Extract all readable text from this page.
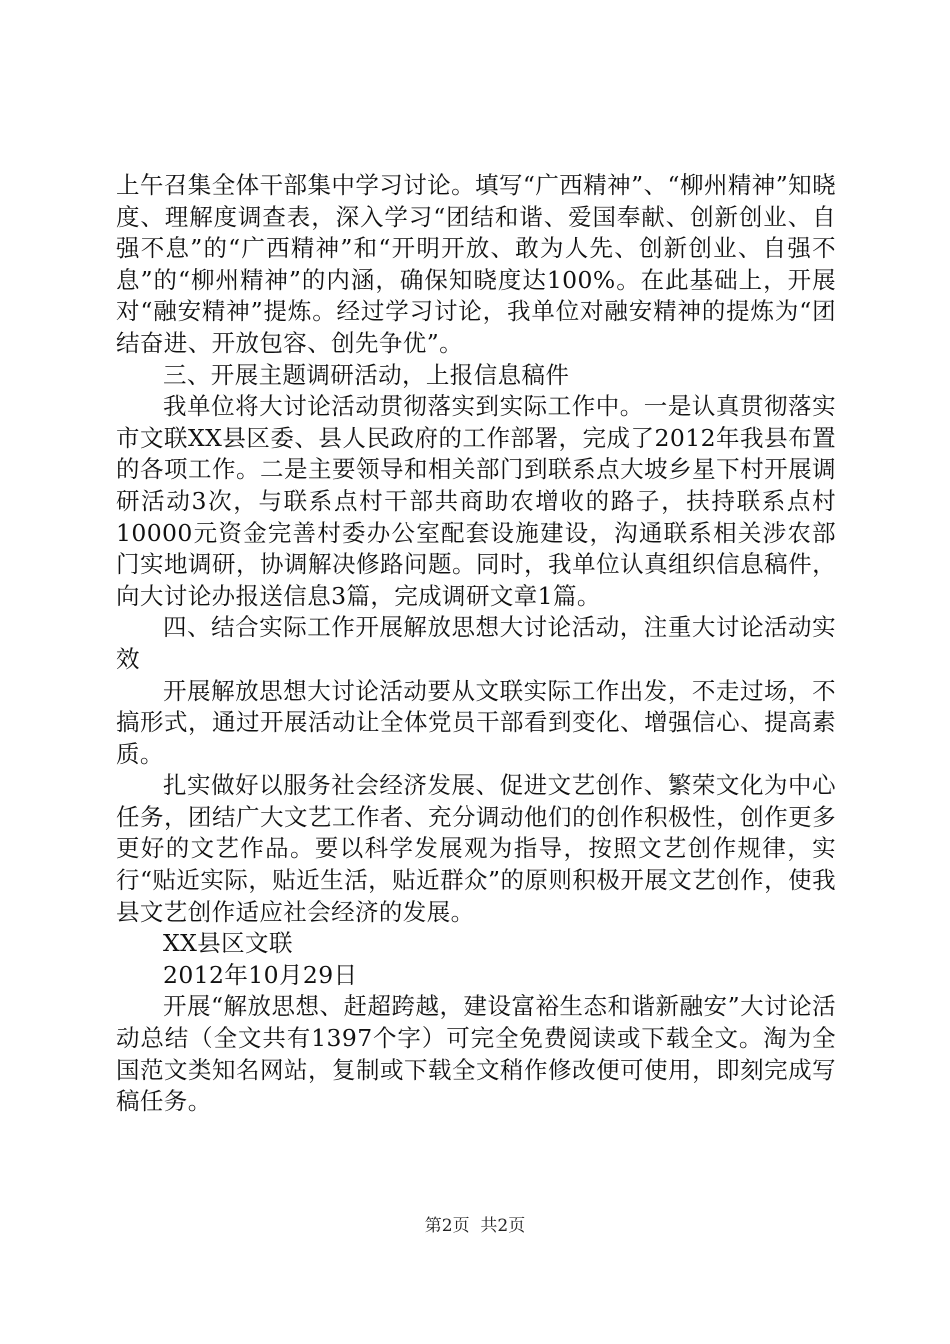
上午召集全体干部集中学习讨论。填写“广西精神”、“柳州精神”知晓度、理解度调查表，深入学习“团结和谐、爱国奉献、创新创业、自强不息”的“广西精神”和“开明开放、敢为人先、创新创业、自强不息”的“柳州精神”的内涵，确保知晓度达100%。在此基础上，开展对“融安精神”提炼。经过学习讨论，我单位对融安精神的提炼为“团结奋进、开放包容、创先争优”。

三、开展主题调研活动，上报信息稿件

我单位将大讨论活动贯彻落实到实际工作中。一是认真贯彻落实市文联XX县区委、县人民政府的工作部署，完成了2012年我县布置的各项工作。二是主要领导和相关部门到联系点大坡乡星下村开展调研活动3次，与联系点村干部共商助农增收的路子，扶持联系点村10000元资金完善村委办公室配套设施建设，沟通联系相关涉农部门实地调研，协调解决修路问题。同时，我单位认真组织信息稿件，向大讨论办报送信息3篇，完成调研文章1篇。

四、结合实际工作开展解放思想大讨论活动，注重大讨论活动实效

开展解放思想大讨论活动要从文联实际工作出发，不走过场，不搞形式，通过开展活动让全体党员干部看到变化、增强信心、提高素质。

扎实做好以服务社会经济发展、促进文艺创作、繁荣文化为中心任务，团结广大文艺工作者、充分调动他们的创作积极性，创作更多更好的文艺作品。要以科学发展观为指导，按照文艺创作规律，实行“贴近实际，贴近生活，贴近群众”的原则积极开展文艺创作，使我县文艺创作适应社会经济的发展。

XX县区文联

2012年10月29日

开展“解放思想、赶超跨越，建设富裕生态和谐新融安”大讨论活动总结（全文共有1397个字）可完全免费阅读或下载全文。淘为全国范文类知名网站，复制或下载全文稍作修改便可使用，即刻完成写稿任务。

第2页  共2页
